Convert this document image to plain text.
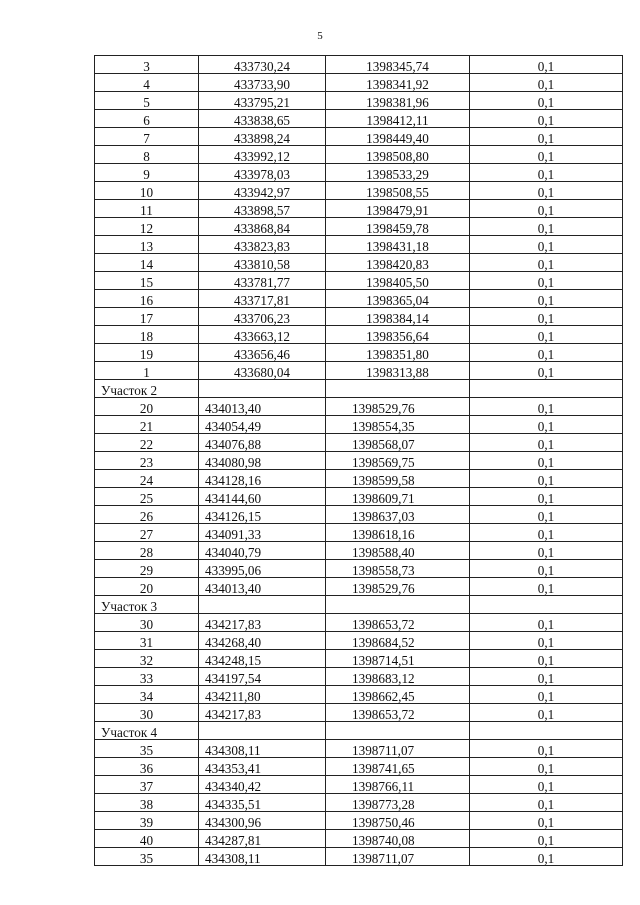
5
3	433730,24	1398345,74	0,1
4	433733,90	1398341,92	0,1
5	433795,21	1398381,96	0,1
6	433838,65	1398412,11	0,1
7	433898,24	1398449,40	0,1
8	433992,12	1398508,80	0,1
9	433978,03	1398533,29	0,1
10	433942,97	1398508,55	0,1
11	433898,57	1398479,91	0,1
12	433868,84	1398459,78	0,1
13	433823,83	1398431,18	0,1
14	433810,58	1398420,83	0,1
15	433781,77	1398405,50	0,1
16	433717,81	1398365,04	0,1
17	433706,23	1398384,14	0,1
18	433663,12	1398356,64	0,1
19	433656,46	1398351,80	0,1
1	433680,04	1398313,88	0,1
Участок 2			
20	434013,40	1398529,76	0,1
21	434054,49	1398554,35	0,1
22	434076,88	1398568,07	0,1
23	434080,98	1398569,75	0,1
24	434128,16	1398599,58	0,1
25	434144,60	1398609,71	0,1
26	434126,15	1398637,03	0,1
27	434091,33	1398618,16	0,1
28	434040,79	1398588,40	0,1
29	433995,06	1398558,73	0,1
20	434013,40	1398529,76	0,1
Участок 3			
30	434217,83	1398653,72	0,1
31	434268,40	1398684,52	0,1
32	434248,15	1398714,51	0,1
33	434197,54	1398683,12	0,1
34	434211,80	1398662,45	0,1
30	434217,83	1398653,72	0,1
Участок 4			
35	434308,11	1398711,07	0,1
36	434353,41	1398741,65	0,1
37	434340,42	1398766,11	0,1
38	434335,51	1398773,28	0,1
39	434300,96	1398750,46	0,1
40	434287,81	1398740,08	0,1
35	434308,11	1398711,07	0,1
